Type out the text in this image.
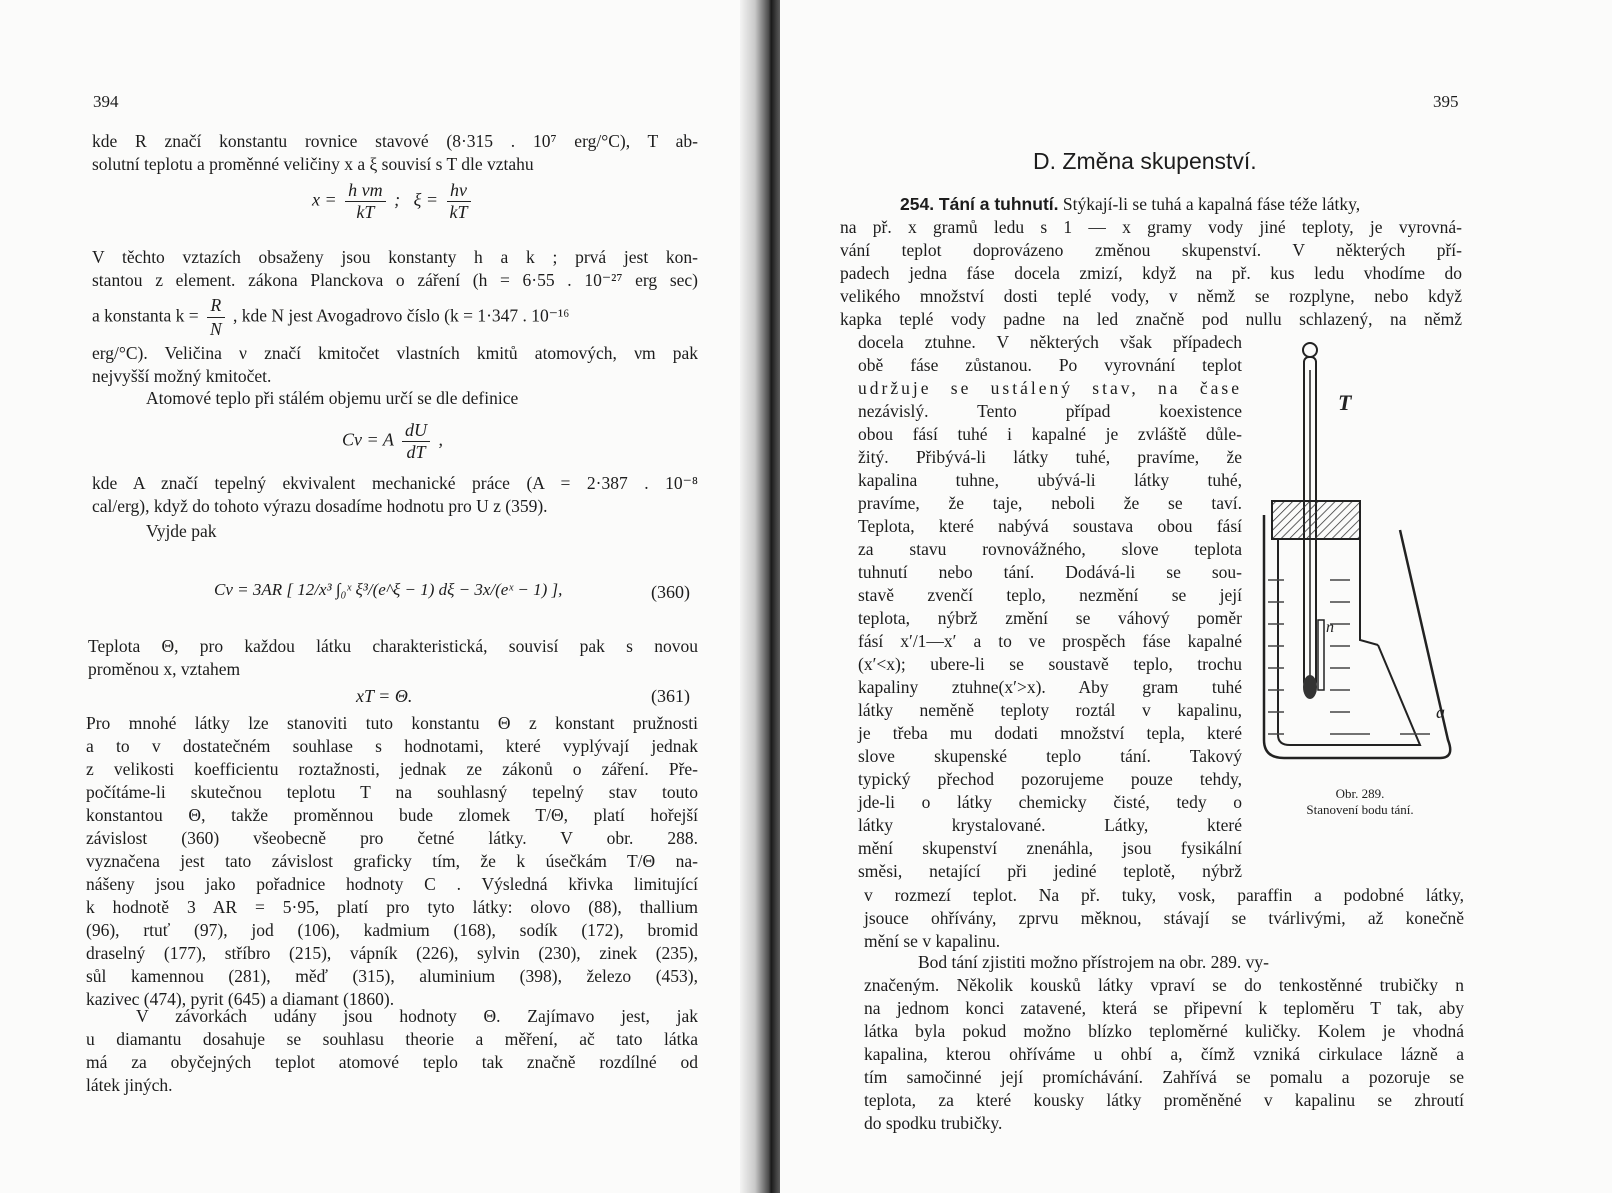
394
kde R značí konstantu rovnice stavové (8·315 . 10⁷ erg/°C), T ab-
solutní teplotu a proměnné veličiny x a ξ souvisí s T dle vztahu
$x = \frac{\text{h νm}}{kT}$ ; $\xi = \frac{h\nu}{kT}$
V těchto vztazích obsaženy jsou konstanty h a k ; prvá jest kon-
stantou z element. zákona Planckova o záření (h = 6·55 . 10⁻²⁷ erg sec)
a konstanta $k = \frac{R}{N}$ , kde N jest Avogadrovo číslo (k = 1·347 . 10⁻¹⁶
erg/°C). Veličina ν značí kmitočet vlastních kmitů atomových, νm pak
nejvyšší možný kmitočet.
Atomové teplo při stálém objemu určí se dle definice
Cv = A $\frac{dU}{dT}$ ,
kde A značí tepelný ekvivalent mechanické práce (A = 2·387 . 10⁻⁸
cal/erg), když do tohoto výrazu dosadíme hodnotu pro U z (359).
Vyjde pak
Cv = 3AR [ 12/x³ ∫₀ˣ ξ³/(e^ξ − 1) dξ − 3x/(eˣ − 1) ],	(360)
Teplota Θ, pro každou látku charakteristická, souvisí pak s novou
proměnou x, vztahem
xT = Θ.	(361)
Pro mnohé látky lze stanoviti tuto konstantu Θ z konstant pružnosti
a to v dostatečném souhlase s hodnotami, které vyplývají jednak
z velikosti koefficientu roztažnosti, jednak ze zákonů o záření. Pře-
počítáme-li skutečnou teplotu T na souhlasný tepelný stav touto
konstantou Θ, takže proměnnou bude zlomek T/Θ, platí hořejší
závislost (360) všeobecně pro četné látky. V obr. 288.
vyznačena jest tato závislost graficky tím, že k úsečkám T/Θ na-
nášeny jsou jako pořadnice hodnoty C . Výsledná křivka limitující
k hodnotě 3 AR = 5·95, platí pro tyto látky: olovo (88), thallium
(96), rtuť (97), jod (106), kadmium (168), sodík (172), bromid
draselný (177), stříbro (215), vápník (226), sylvin (230), zinek (235),
sůl kamennou (281), měď (315), aluminium (398), železo (453),
kazivec (474), pyrit (645) a diamant (1860).
V závorkách udány jsou hodnoty Θ. Zajímavo jest, jak
u diamantu dosahuje se souhlasu theorie a měření, ač tato látka
má za obyčejných teplot atomové teplo tak značně rozdílné od
látek jiných.
395
D. Změna skupenství.
254. Tání a tuhnutí. Stýkají-li se tuhá a kapalná fáse téže látky,
na př. x gramů ledu s 1 — x gramy vody jiné teploty, je vyrovná-
vání teplot doprovázeno změnou skupenství. V některých pří-
padech jedna fáse docela zmizí, když na př. kus ledu vhodíme do
velikého množství dosti teplé vody, v němž se rozplyne, nebo když
kapka teplé vody padne na led značně pod nullu schlazený, na němž
docela ztuhne. V některých však případech
obě fáse zůstanou. Po vyrovnání teplot
udržuje se ustálený stav, na čase
nezávislý. Tento případ koexistence
obou fásí tuhé i kapalné je zvláště důle-
žitý. Přibývá-li látky tuhé, pravíme, že
kapalina tuhne, ubývá-li látky tuhé,
pravíme, že taje, neboli že se taví.
Teplota, které nabývá soustava obou fásí
za stavu rovnovážného, slove teplota
tuhnutí nebo tání. Dodává-li se sou-
stavě zvenčí teplo, nezmění se její
teplota, nýbrž změní se váhový poměr
fásí x′/1—x′ a to ve prospěch fáse kapalné
(x′<x); ubere-li se soustavě teplo, trochu
kapaliny ztuhne(x′>x). Aby gram tuhé
látky neměně teploty roztál v kapalinu,
je třeba mu dodati množství tepla, které
slove skupenské teplo tání. Takový
typický přechod pozorujeme pouze tehdy,
jde-li o látky chemicky čisté, tedy o
látky krystalované. Látky, které
mění skupenství znenáhla, jsou fysikální
směsi, netající při jediné teplotě, nýbrž
v rozmezí teplot. Na př. tuky, vosk, paraffin a podobné látky,
jsouce ohřívány, zprvu měknou, stávají se tvárlivými, až konečně
mění se v kapalinu.
Bod tání zjistiti možno přístrojem na obr. 289. vy-
značeným. Několik kousků látky vpraví se do tenkostěnné trubičky n
na jednom konci zatavené, která se připevní k teploměru T tak, aby
látka byla pokud možno blízko teploměrné kuličky. Kolem je vhodná
kapalina, kterou ohříváme u ohbí a, čímž vzniká cirkulace lázně a
tím samočinné její promíchávání. Zahřívá se pomalu a pozoruje se
teplota, za které kousky látky proměněné v kapalinu se zhroutí
do spodku trubičky.
n
T
a
Obr. 289.
Stanovení bodu tání.
